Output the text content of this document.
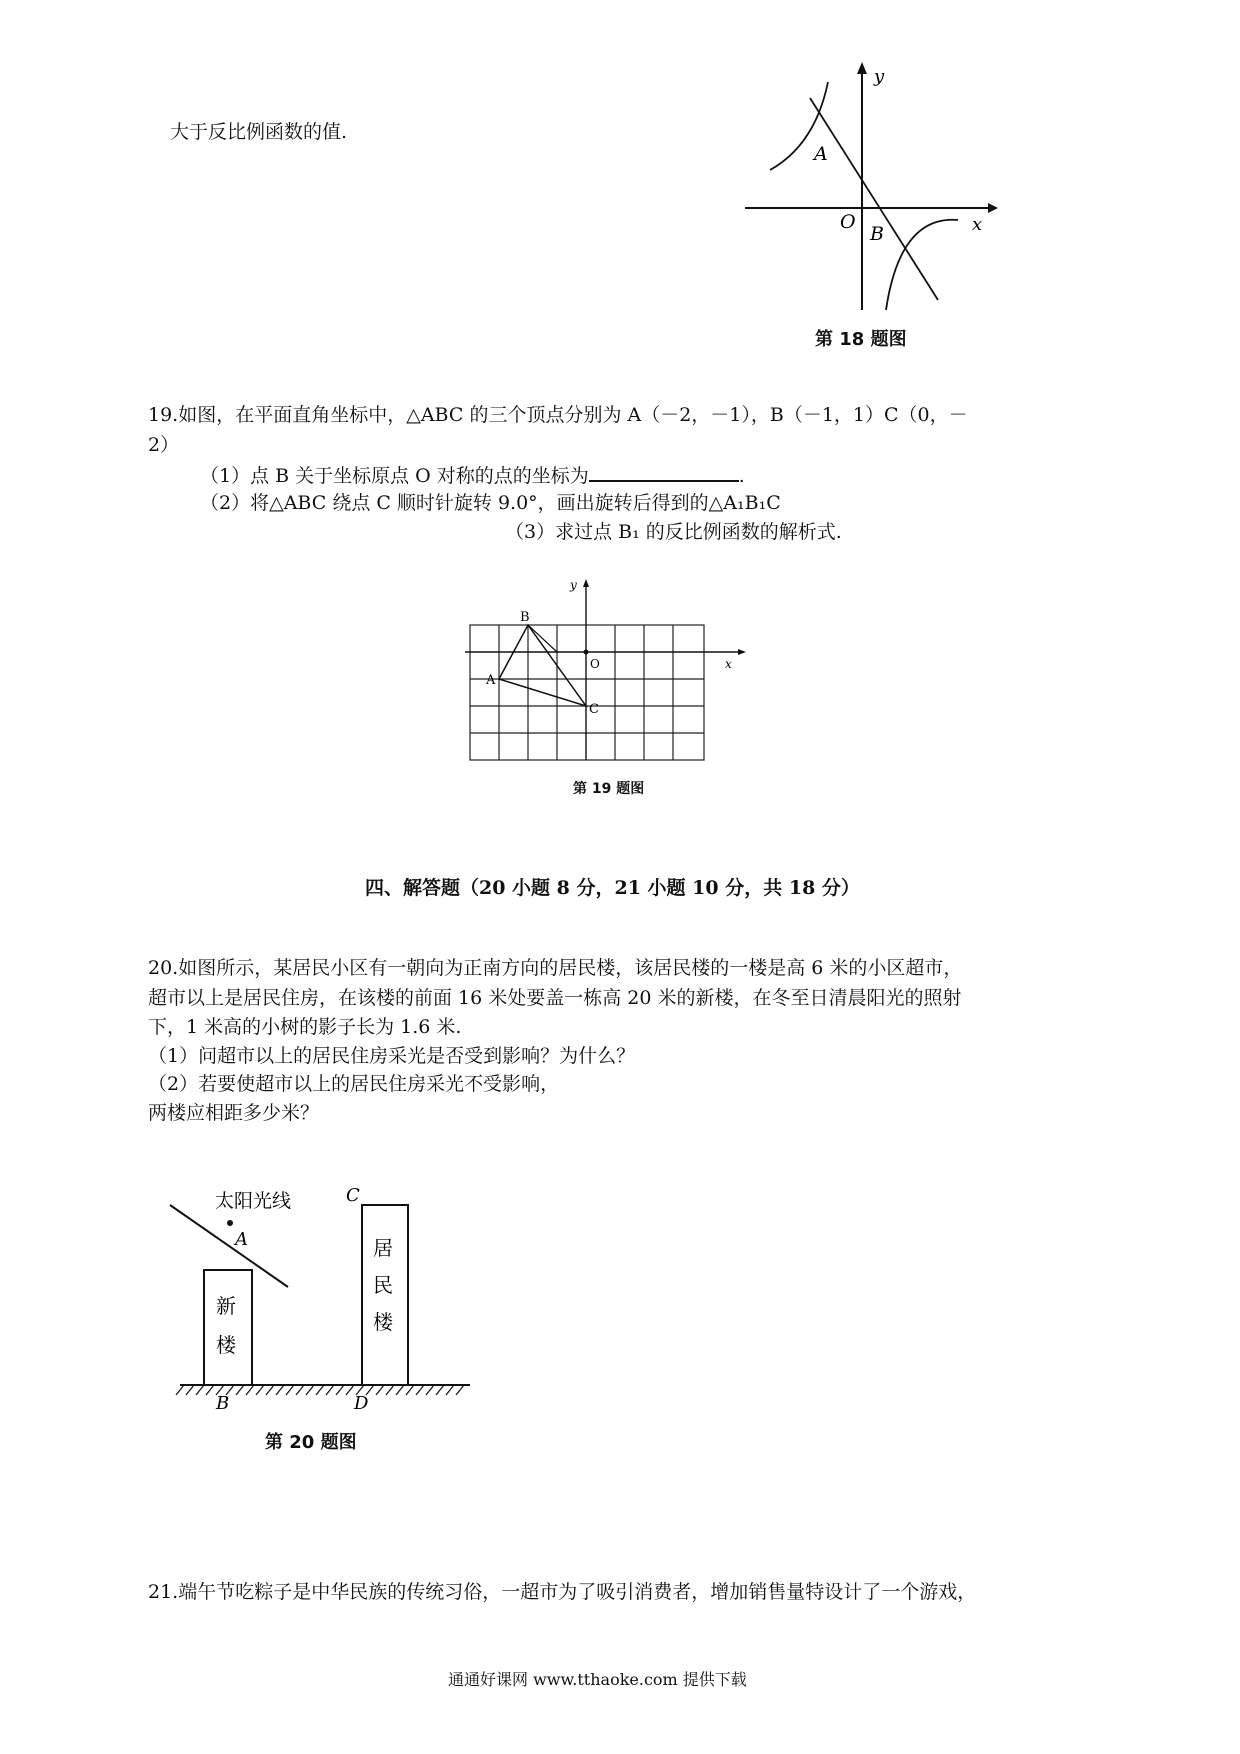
大于反比例函数的值.
y
x
A
O
B
第 18 题图
19.如图，在平面直角坐标中，△ABC 的三个顶点分别为 A（－2，－1），B（－1，1）C（0，－
2）
（1）点 B 关于坐标原点 O 对称的点的坐标为	.
（2）将△ABC 绕点 C 顺时针旋转 9.0°，画出旋转后得到的△A₁B₁C
（3）求过点 B₁ 的反比例函数的解析式.
y
x
B
O
A
C
第 19 题图
四、解答题（20 小题 8 分，21 小题 10 分，共 18 分）
20.如图所示，某居民小区有一朝向为正南方向的居民楼，该居民楼的一楼是高 6 米的小区超市，
超市以上是居民住房，在该楼的前面 16 米处要盖一栋高 20 米的新楼，在冬至日清晨阳光的照射
下，1 米高的小树的影子长为 1.6 米.
（1）问超市以上的居民住房采光是否受到影响？为什么？
（2）若要使超市以上的居民住房采光不受影响，
两楼应相距多少米？
太阳光线
A
B
C
D
新
楼
居
民
楼
第 20 题图
21.端午节吃粽子是中华民族的传统习俗，一超市为了吸引消费者，增加销售量特设计了一个游戏，
通通好课网 www.tthaoke.com 提供下载
